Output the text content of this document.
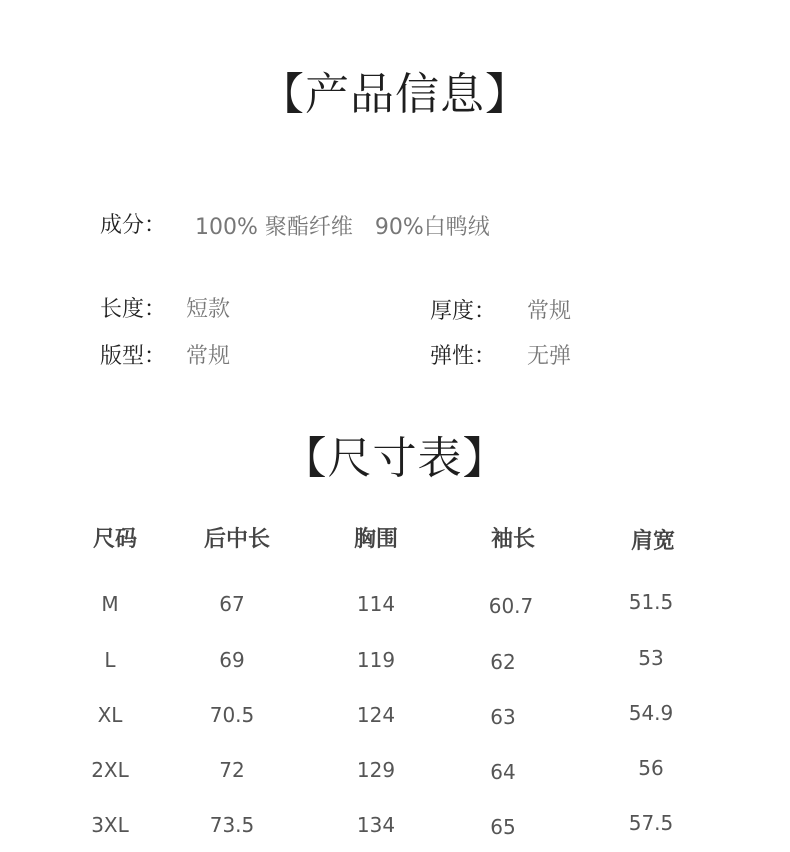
【产品信息】
成分： 100% 聚酯纤维　90%白鸭绒
长度： 短款	厚度： 常规
版型： 常规	弹性： 无弹
【尺寸表】
尺码	后中长	胸围	袖长	肩宽
M	67	114	60.7	51.5
L	69	119	62	53
XL	70.5	124	63	54.9
2XL	72	129	64	56
3XL	73.5	134	65	57.5
